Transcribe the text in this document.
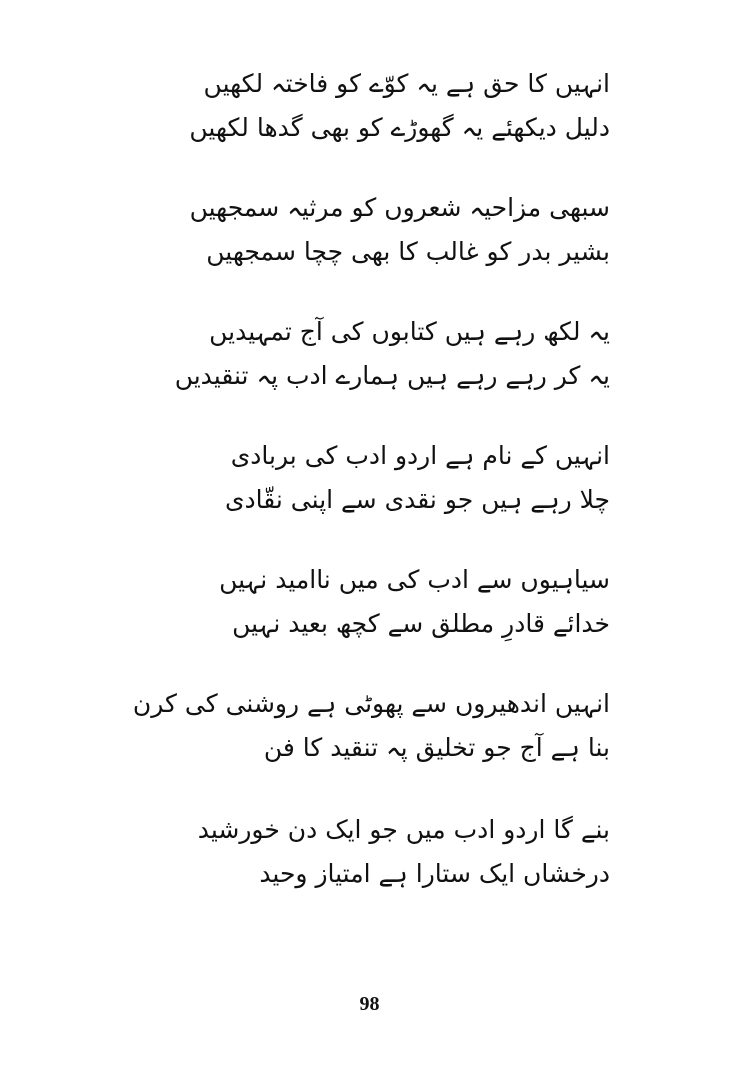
انہیں کا حق ہے یہ کوّے کو فاختہ لکھیں
دلیل دیکھئے یہ گھوڑے کو بھی گدھا لکھیں
سبھی مزاحیہ شعروں کو مرثیہ سمجھیں
بشیر بدر کو غالب کا بھی چچا سمجھیں
یہ لکھ رہے ہیں کتابوں کی آج تمہیدیں
یہ کر رہے رہے ہیں ہمارے ادب پہ تنقیدیں
انہیں کے نام ہے اردو ادب کی بربادی
چلا رہے ہیں جو نقدی سے اپنی نقّادی
سیاہیوں سے ادب کی میں ناامید نہیں
خدائے قادرِ مطلق سے کچھ بعید نہیں
انہیں اندھیروں سے پھوٹی ہے روشنی کی کرن
بنا ہے آج جو تخلیق پہ تنقید کا فن
بنے گا اردو ادب میں جو ایک دن خورشید
درخشاں ایک ستارا ہے امتیاز وحید
98
